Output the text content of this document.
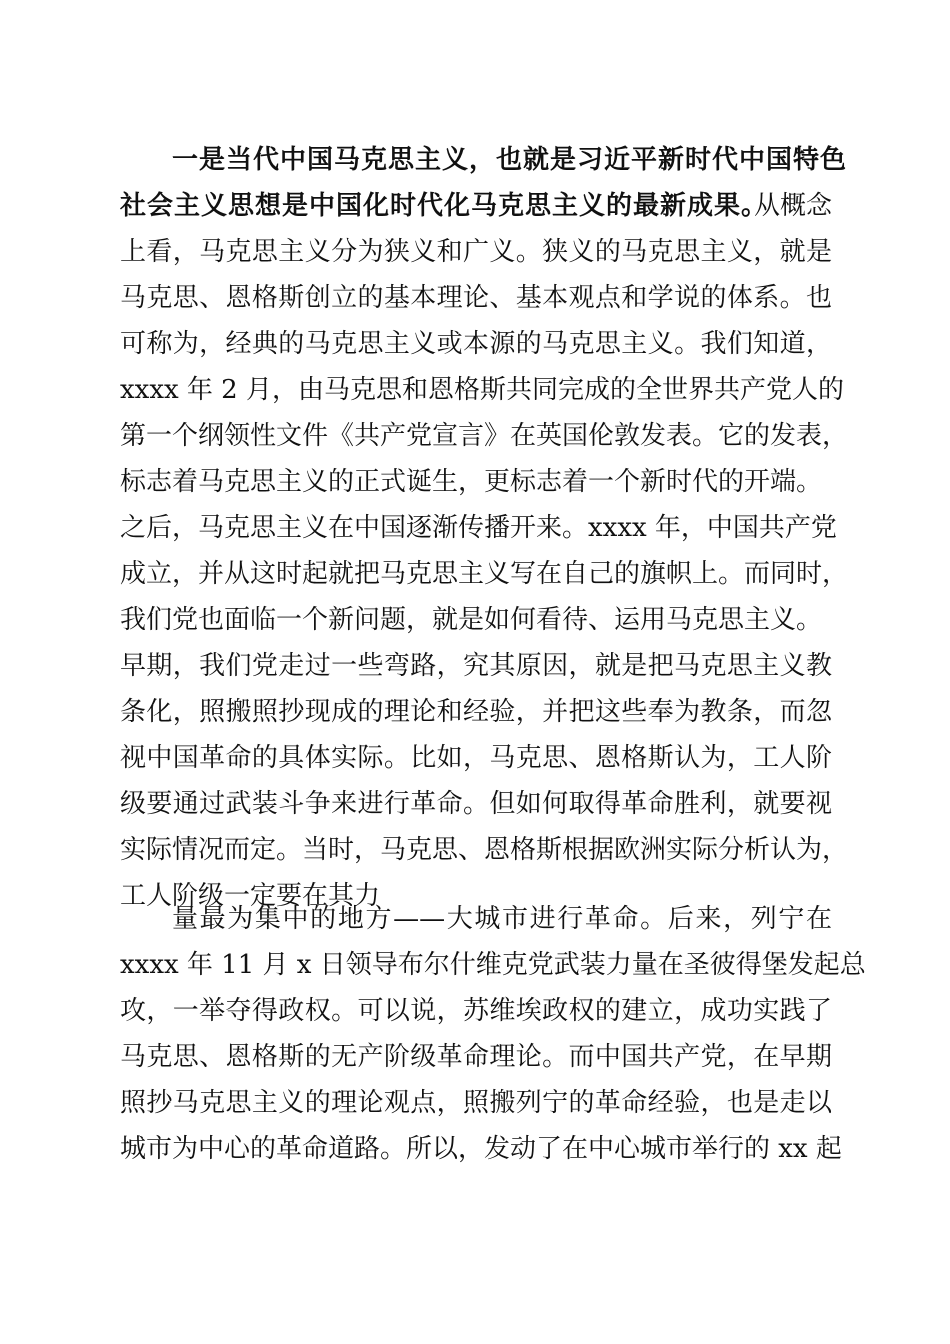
一是当代中国马克思主义，也就是习近平新时代中国特色
社会主义思想是中国化时代化马克思主义的最新成果。
从概念
上看，马克思主义分为狭义和广义。狭义的马克思主义，就是
马克思、恩格斯创立的基本理论、基本观点和学说的体系。也
可称为，经典的马克思主义或本源的马克思主义。我们知道，
xxxx 年 2 月，由马克思和恩格斯共同完成的全世界共产党人的
第一个纲领性文件《共产党宣言》在英国伦敦发表。它的发表，
标志着马克思主义的正式诞生，更标志着一个新时代的开端。
之后，马克思主义在中国逐渐传播开来。xxxx 年，中国共产党
成立，并从这时起就把马克思主义写在自己的旗帜上。而同时，
我们党也面临一个新问题，就是如何看待、运用马克思主义。
早期，我们党走过一些弯路，究其原因，就是把马克思主义教
条化，照搬照抄现成的理论和经验，并把这些奉为教条，而忽
视中国革命的具体实际。比如，马克思、恩格斯认为，工人阶
级要通过武装斗争来进行革命。但如何取得革命胜利，就要视
实际情况而定。当时，马克思、恩格斯根据欧洲实际分析认为，
工人阶级一定要在其力
量最为集中的地方——大城市进行革命。后来，列宁在
xxxx 年 11 月 x 日领导布尔什维克党武装力量在圣彼得堡发起总
攻，一举夺得政权。可以说，苏维埃政权的建立，成功实践了
马克思、恩格斯的无产阶级革命理论。而中国共产党，在早期
照抄马克思主义的理论观点，照搬列宁的革命经验，也是走以
城市为中心的革命道路。所以，发动了在中心城市举行的 xx 起
